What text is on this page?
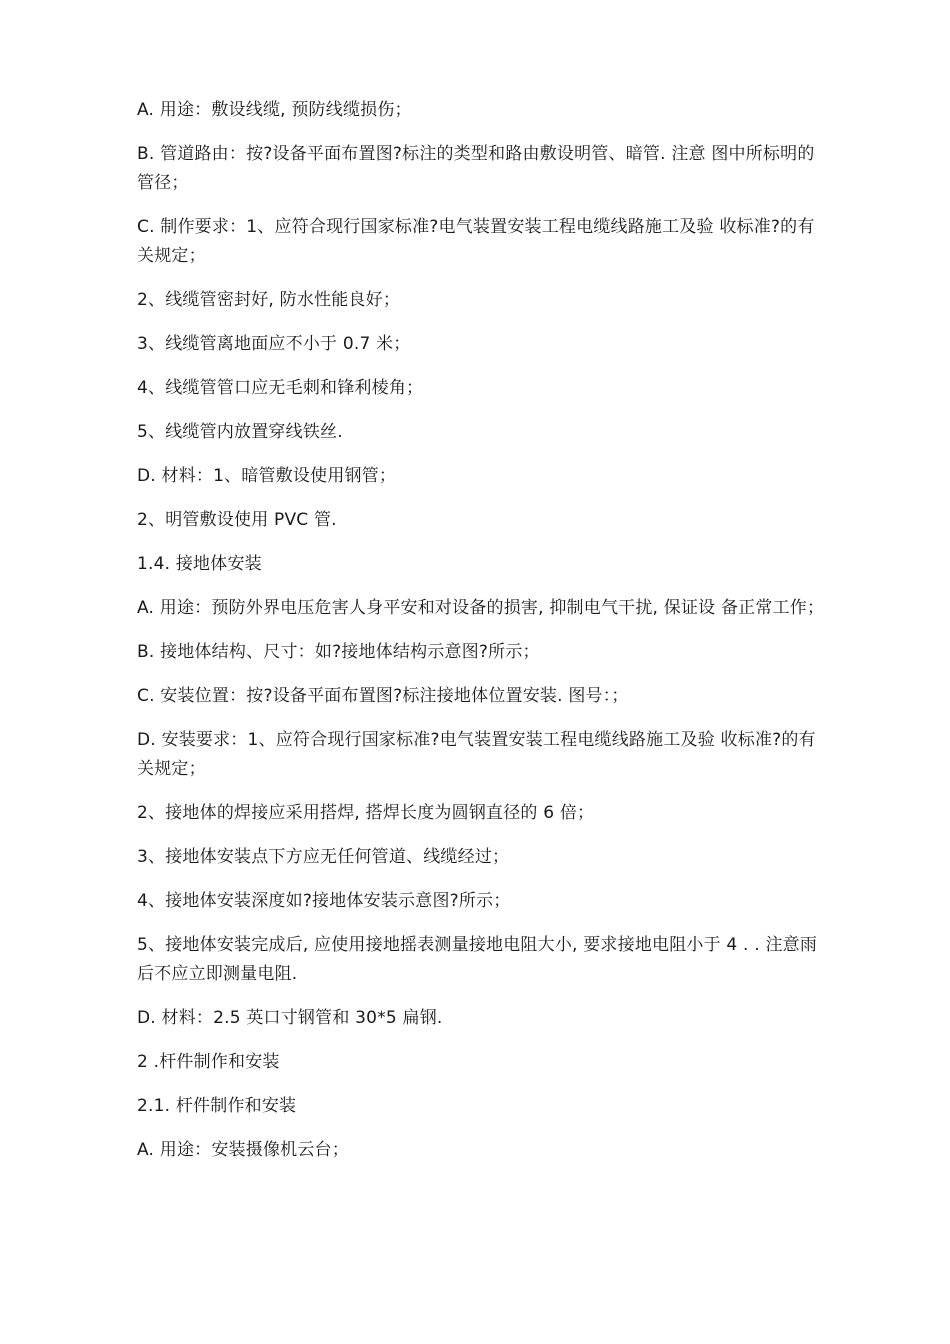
A. 用途：敷设线缆, 预防线缆损伤；

B. 管道路由：按?设备平面布置图?标注的类型和路由敷设明管、暗管. 注意 图中所标明的管径；

C. 制作要求：1、应符合现行国家标准?电气装置安装工程电缆线路施工及验 收标准?的有关规定；

2、线缆管密封好, 防水性能良好；

3、线缆管离地面应不小于 0.7 米；

4、线缆管管口应无毛刺和锋利棱角；

5、线缆管内放置穿线铁丝.

D. 材料：1、暗管敷设使用钢管；

2、明管敷设使用 PVC 管.

1.4. 接地体安装

A. 用途：预防外界电压危害人身平安和对设备的损害, 抑制电气干扰, 保证设 备正常工作；

B. 接地体结构、尺寸：如?接地体结构示意图?所示；

C. 安装位置：按?设备平面布置图?标注接地体位置安装. 图号：；

D. 安装要求：1、应符合现行国家标准?电气装置安装工程电缆线路施工及验 收标准?的有关规定；

2、接地体的焊接应采用搭焊, 搭焊长度为圆钢直径的 6 倍；

3、接地体安装点下方应无任何管道、线缆经过；

4、接地体安装深度如?接地体安装示意图?所示；

5、接地体安装完成后, 应使用接地摇表测量接地电阻大小, 要求接地电阻小于 4 . . 注意雨后不应立即测量电阻.

D. 材料：2.5 英口寸钢管和 30*5 扁钢.

2 .杆件制作和安装

2.1. 杆件制作和安装

A. 用途：安装摄像机云台；
